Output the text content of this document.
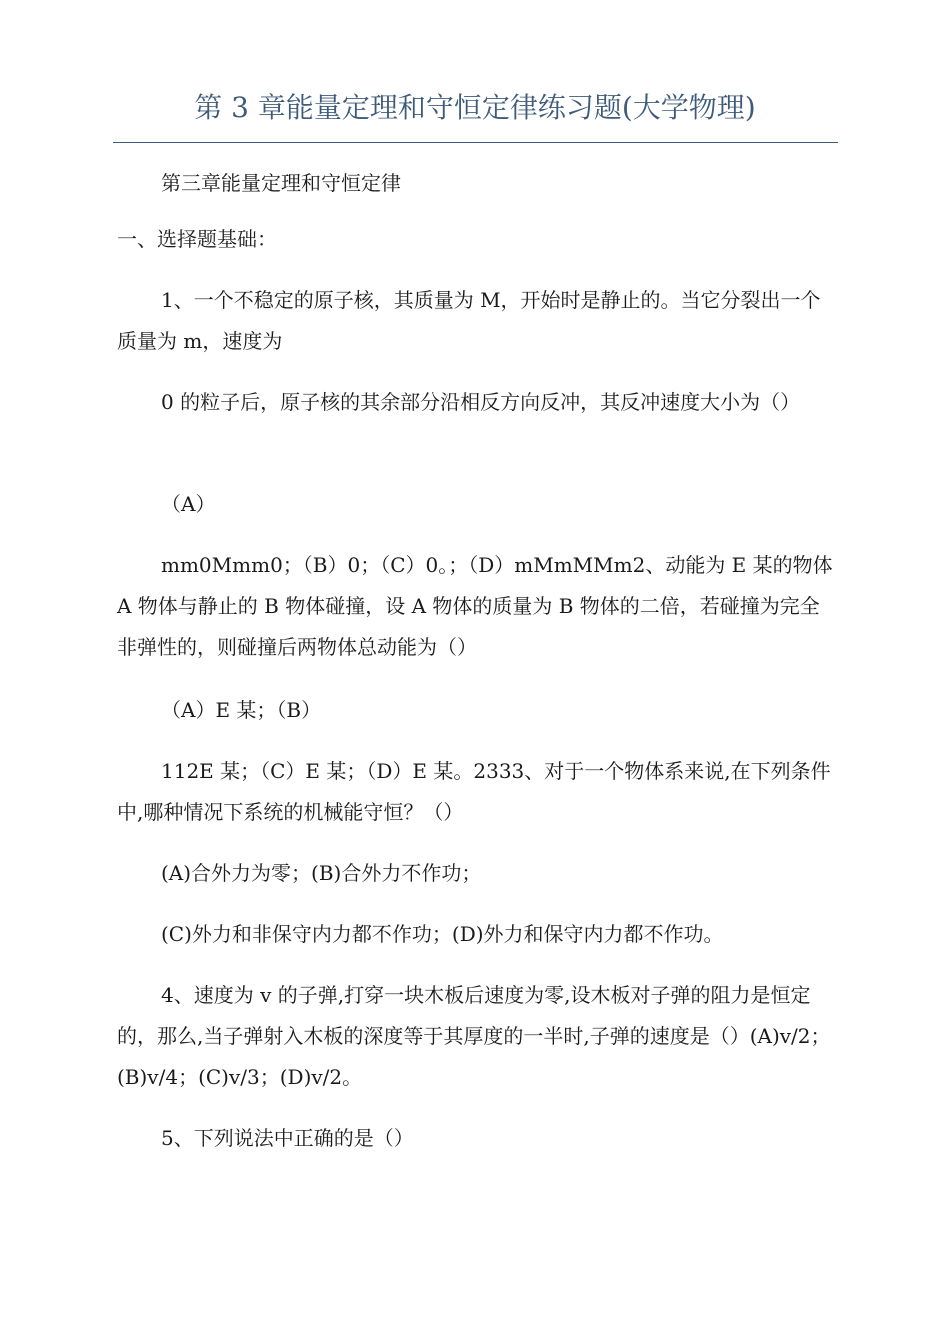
第 3 章能量定理和守恒定律练习题(大学物理)

第三章能量定理和守恒定律

一、选择题基础：

1、一个不稳定的原子核，其质量为 M，开始时是静止的。当它分裂出一个质量为 m，速度为

0 的粒子后，原子核的其余部分沿相反方向反冲，其反冲速度大小为（）

（A）

mm0Mmm0；（B）0；（C）0。；（D）mMmMMm2、动能为 E 某的物体 A 物体与静止的 B 物体碰撞，设 A 物体的质量为 B 物体的二倍，若碰撞为完全非弹性的，则碰撞后两物体总动能为（）

（A）E 某；（B）

112E 某；（C）E 某；（D）E 某。2333、对于一个物体系来说,在下列条件中,哪种情况下系统的机械能守恒？（）

(A)合外力为零；(B)合外力不作功；

(C)外力和非保守内力都不作功；(D)外力和保守内力都不作功。

4、速度为 v 的子弹,打穿一块木板后速度为零,设木板对子弹的阻力是恒定的，那么,当子弹射入木板的深度等于其厚度的一半时,子弹的速度是（）(A)v/2；(B)v/4；(C)v/3；(D)v/2。

5、下列说法中正确的是（）
